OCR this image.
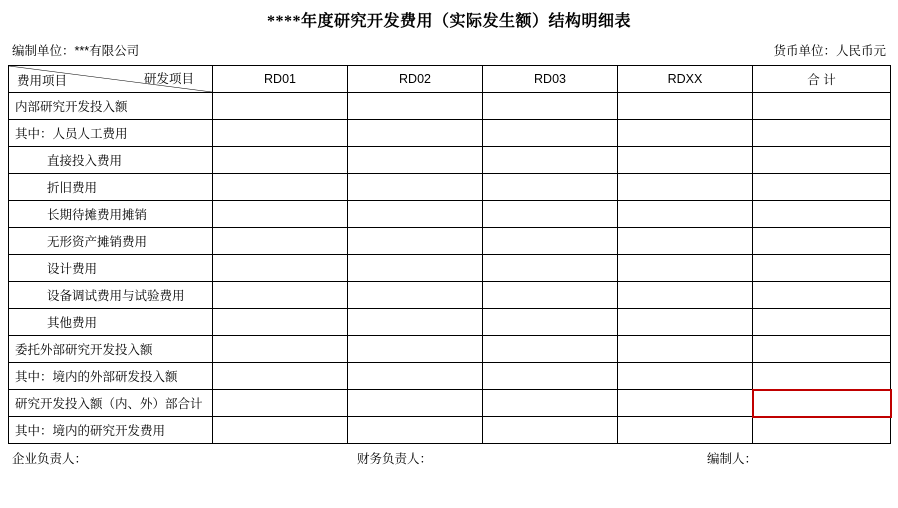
****年度研究开发费用（实际发生额）结构明细表
编制单位：***有限公司	货币单位：人民币元
研发项目
费用项目	RD01	RD02	RD03	RDXX	合 计
内部研究开发投入额					
其中：人员人工费用					
直接投入费用					
折旧费用					
长期待摊费用摊销					
无形资产摊销费用					
设计费用					
设备调试费用与试验费用					
其他费用					
委托外部研究开发投入额					
其中：境内的外部研发投入额					
研究开发投入额（内、外）部合计					
其中：境内的研究开发费用					
企业负责人：	财务负责人：	编制人：
